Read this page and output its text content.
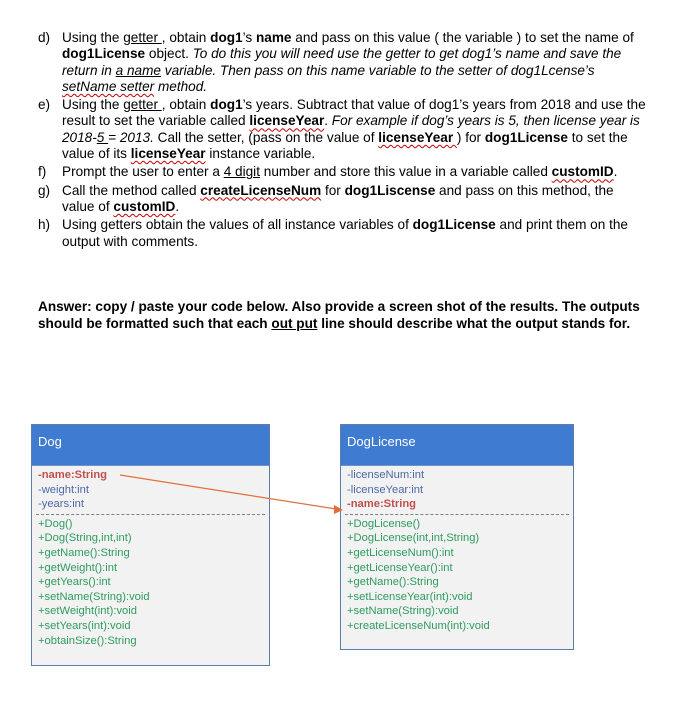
d) Using the getter , obtain dog1’s name and pass on this value ( the variable ) to set the name of dog1License object. To do this you will need use the getter to get dog1’s name and save the return in a name variable. Then pass on this name variable to the setter of dog1Lcense’s setName setter method.
e) Using the getter , obtain dog1’s years. Subtract that value of dog1’s years from 2018 and use the result to set the variable called licenseYear. For example if dog’s years is 5, then license year is 2018-5 = 2013. Call the setter, (pass on the value of licenseYear ) for dog1License to set the value of its licenseYear instance variable.
f) Prompt the user to enter a 4 digit number and store this value in a variable called customID.
g) Call the method called createLicenseNum for dog1Liscense and pass on this method, the value of customID.
h) Using getters obtain the values of all instance variables of dog1License and print them on the output with comments.

Answer: copy / paste your code below. Also provide a screen shot of the results. The outputs should be formatted such that each out put line should describe what the output stands for.

Dog
-name:String
-weight:int
-years:int
+Dog()
+Dog(String,int,int)
+getName():String
+getWeight():int
+getYears():int
+setName(String):void
+setWeight(int):void
+setYears(int):void
+obtainSize():String
DogLicense
-licenseNum:int
-licenseYear:int
-name:String
+DogLicense()
+DogLicense(int,int,String)
+getLicenseNum():int
+getLicenseYear():int
+getName():String
+setLicenseYear(int):void
+setName(String):void
+createLicenseNum(int):void
